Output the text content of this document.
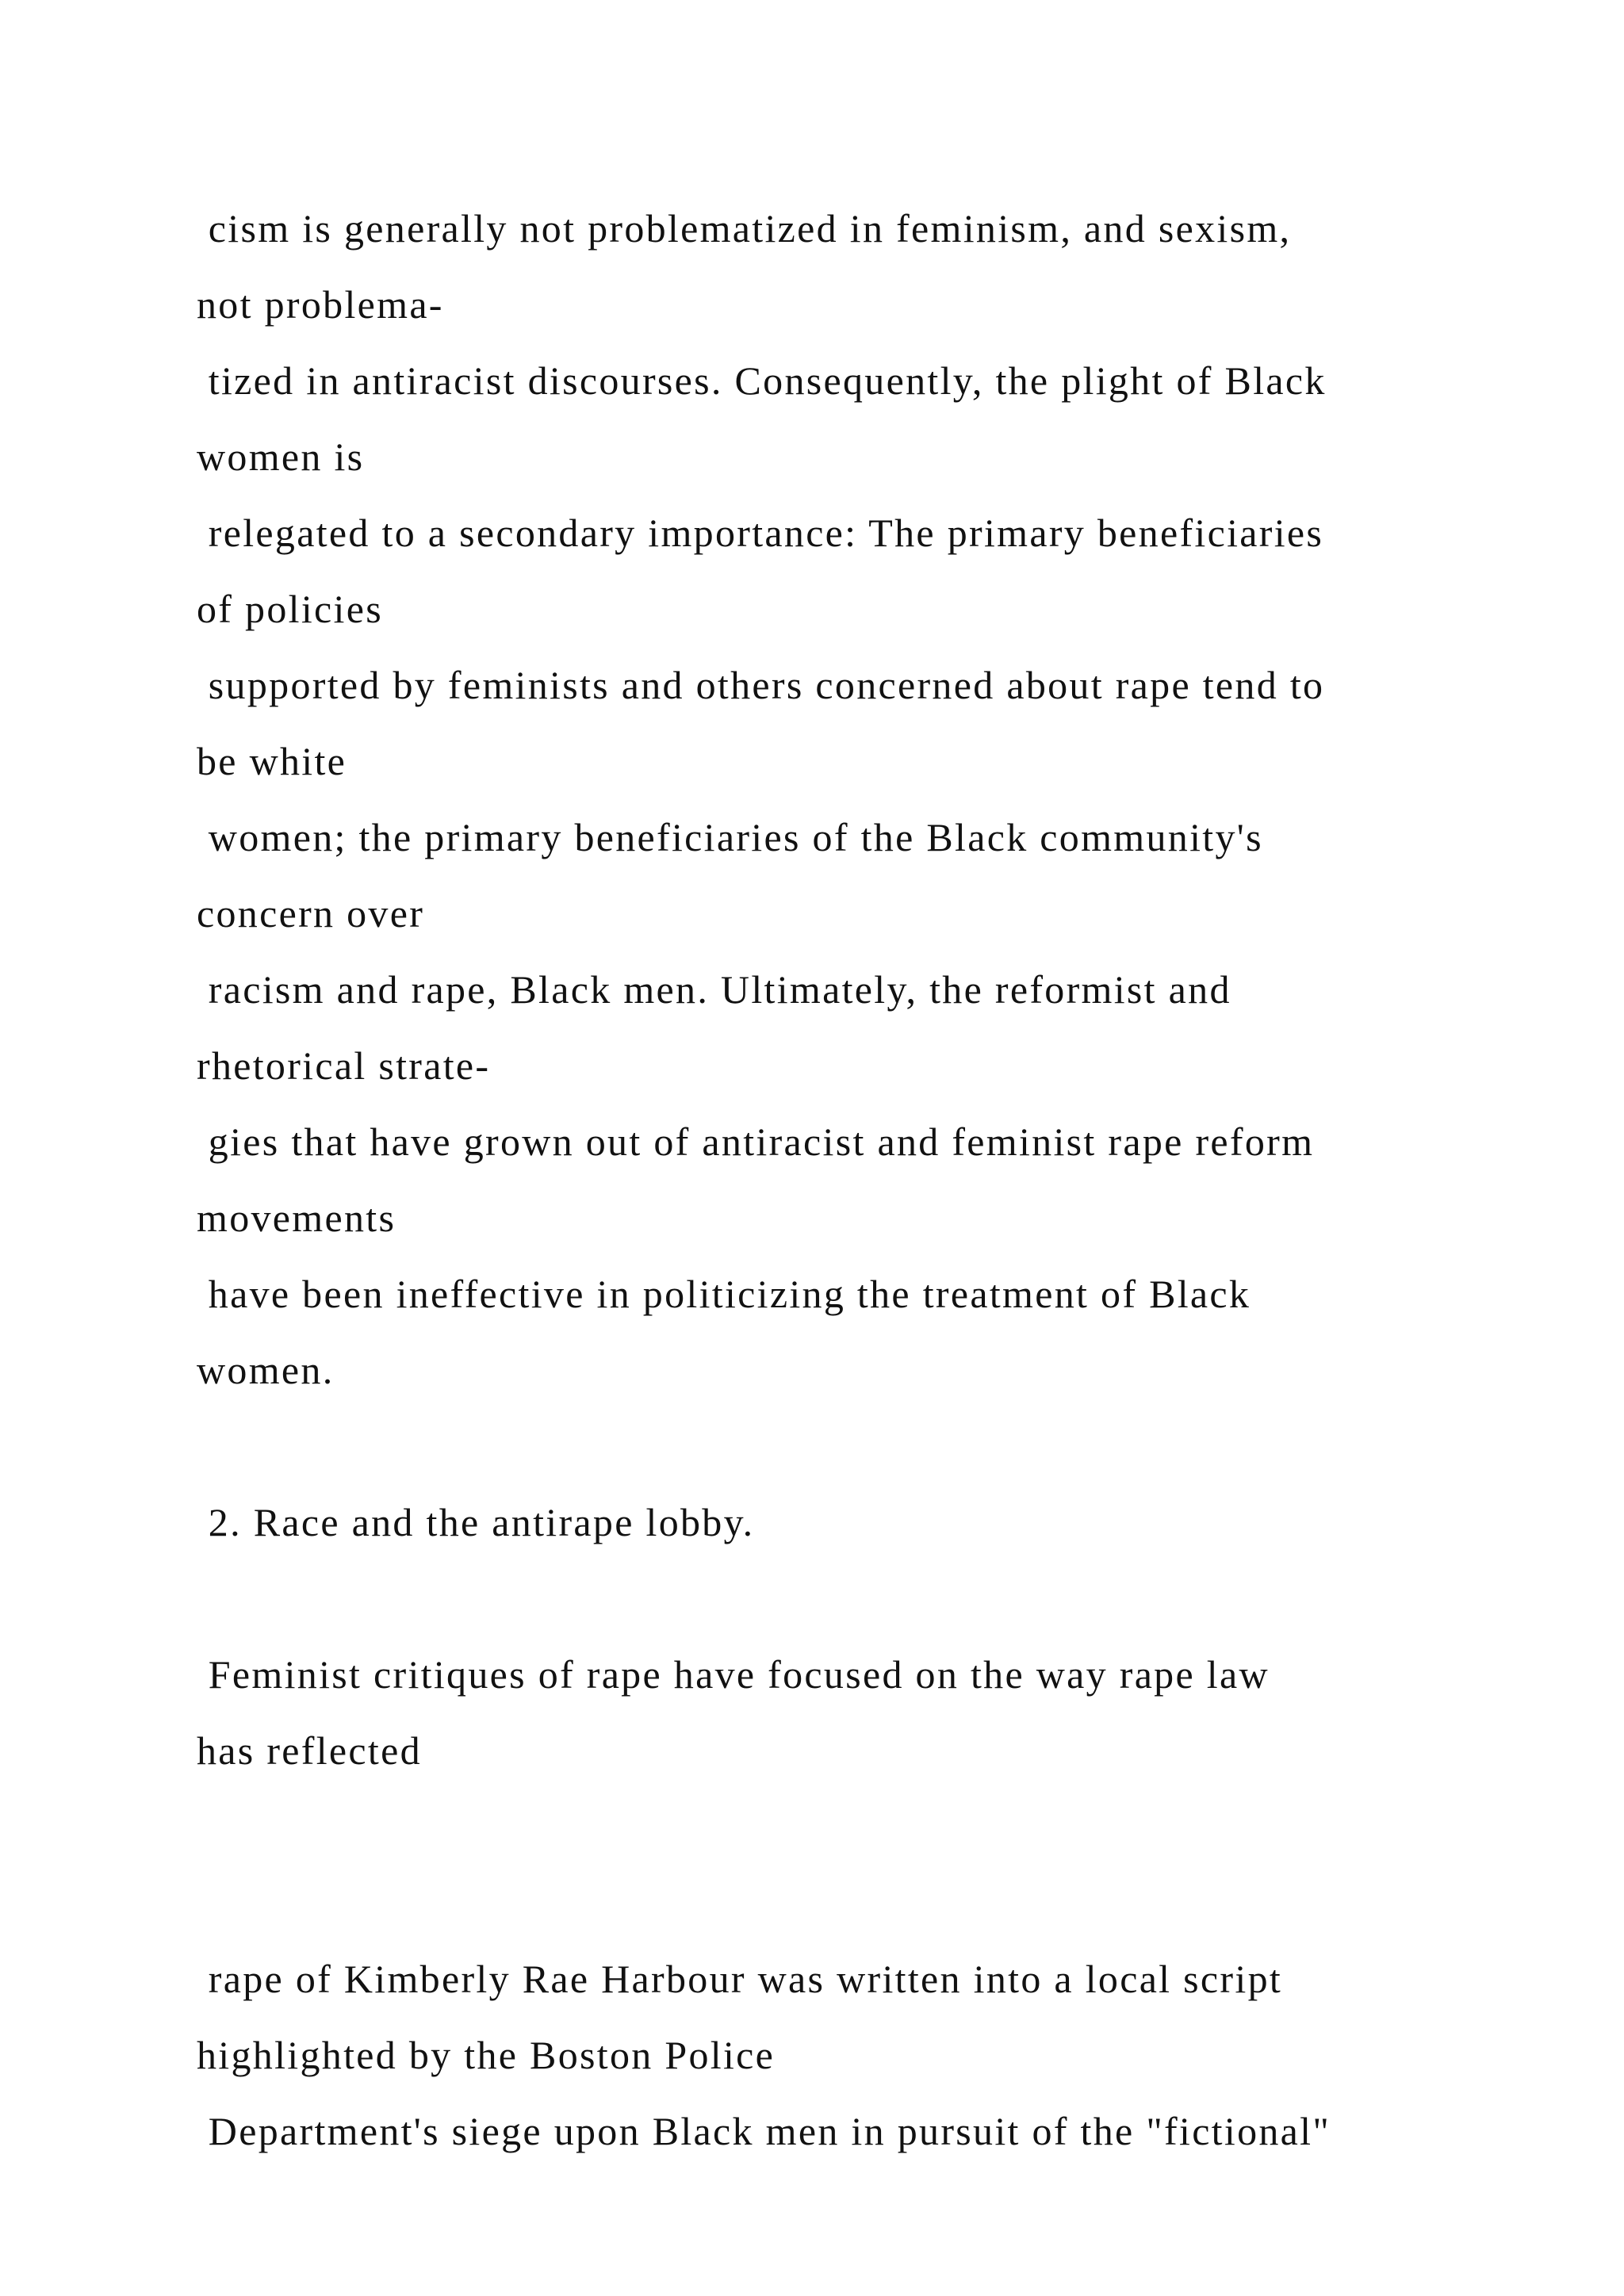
cism is generally not problematized in feminism, and sexism,
not problema-
tized in antiracist discourses. Consequently, the plight of Black
women is
relegated to a secondary importance: The primary beneficiaries
of policies
supported by feminists and others concerned about rape tend to
be white
women; the primary beneficiaries of the Black community's
concern over
racism and rape, Black men. Ultimately, the reformist and
rhetorical strate-
gies that have grown out of antiracist and feminist rape reform
movements
have been ineffective in politicizing the treatment of Black
women.
2. Race and the antirape lobby.
Feminist critiques of rape have focused on the way rape law
has reflected
rape of Kimberly Rae Harbour was written into a local script
highlighted by the Boston Police
Department's siege upon Black men in pursuit of the "fictional"
